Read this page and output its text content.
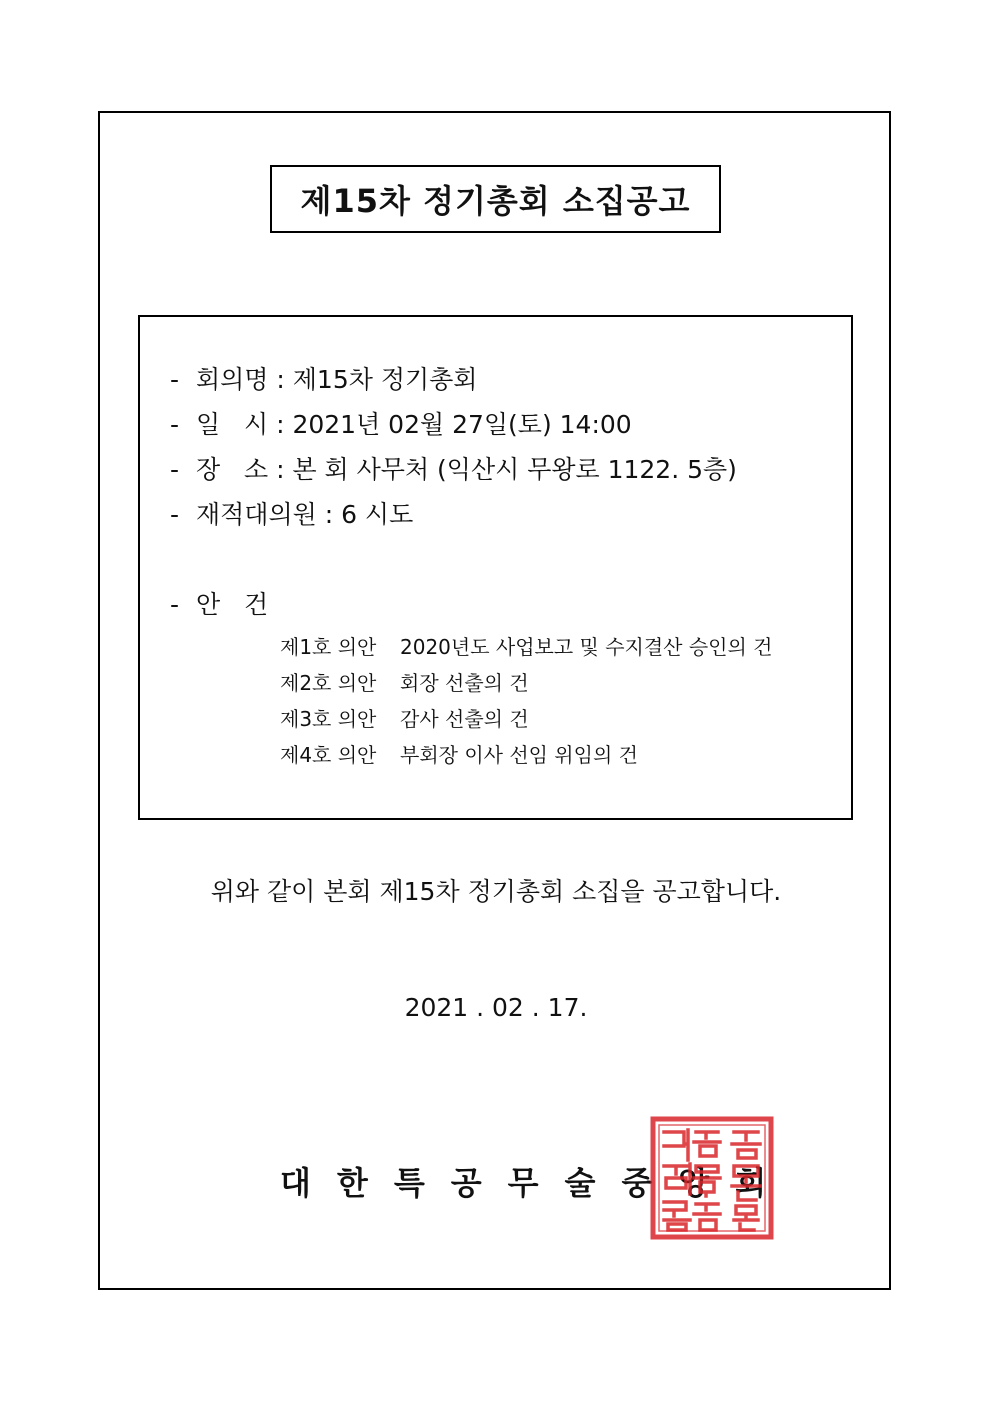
제15차 정기총회 소집공고
- 회의명 : 제15차 정기총회
- 일   시 : 2021년 02월 27일(토) 14:00
- 장   소 : 본 회 사무처 (익산시 무왕로 1122. 5층)
- 재적대의원 : 6 시도
- 안   건
제1호 의안 2020년도 사업보고 및 수지결산 승인의 건
제2호 의안 회장 선출의 건
제3호 의안 감사 선출의 건
제4호 의안 부회장 이사 선임 위임의 건
위와 같이 본회 제15차 정기총회 소집을 공고합니다.
2021 . 02 . 17.
대한특공무술중앙회
